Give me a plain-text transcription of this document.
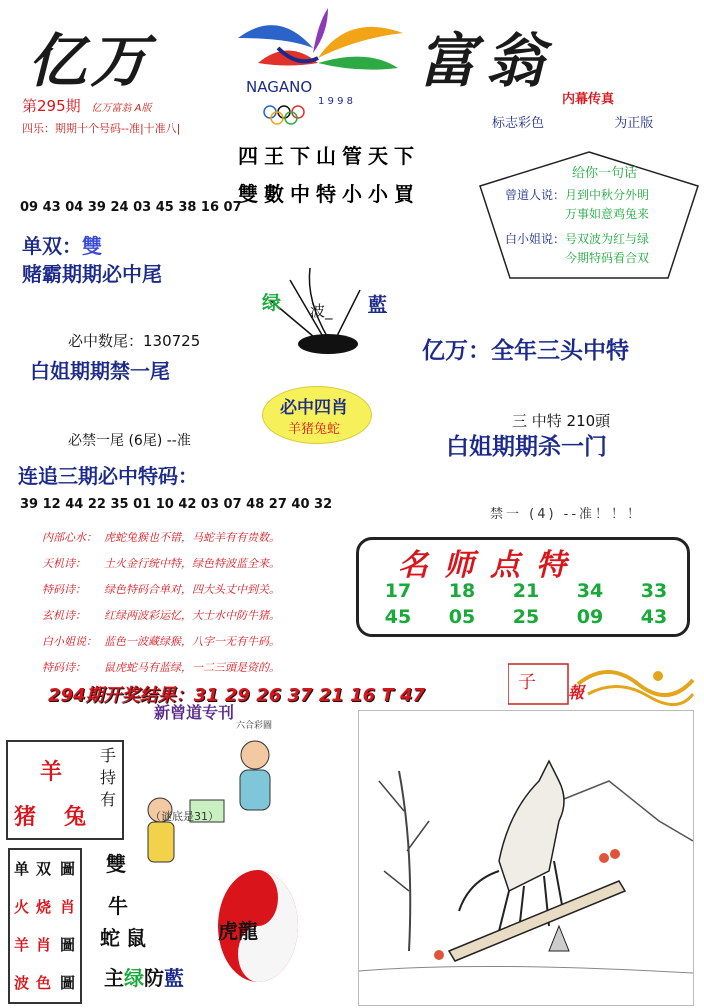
亿万	富翁
NAGANO
1 9 9 8
第295期 亿万富翁 A版
四乐：期期十个号码--准|十准八|
内幕传真
标志彩色	为正版
四王下山管天下
雙數中特小小買
给你一句话
曾道人说： 月到中秋分外明
万事如意鸡兔来
白小姐说： 号双波为红与绿
今期特码看合双
09 43 04 39 24 03 45 38 16 07
单双：雙
赌霸期期必中尾
绿 波_ 藍
必中数尾：130725
白姐期期禁一尾
亿万：全年三头中特
必中四肖
羊猪兔蛇	三 中特 210頭
白姐期期杀一门
必禁一尾 (6尾) --准
连追三期必中特码：
39 12 44 22 35 01 10 42 03 07 48 27 40 32
禁一 (4) --准！！！
内部心水： 虎蛇兔猴也不错，马蛇羊有有贵数。
天机诗：	土火金行统中特，绿色特波蓝全来。
特码诗：	绿色特码合单对，四大头丈中到关。
玄机诗：	红绿两波彩运忆，大士水中防牛猪。
白小姐说： 蓝色一波藏绿猴，八字一无有牛码。
特码诗：	鼠虎蛇马有蓝绿，一二三頭是资的。
名师点特
17	18	21	34	33
45	05	25	09	43
294期开奖结果：31 29 26 37 21 16 T 47
子 報
新曾道专刊
六合彩圖
羊
猪兔
手持有
（谜底是31）
单 双 圖
火 烧 肖
羊 肖 圖
波 色 圖
雙
牛
蛇鼠	虎龍
主绿防藍
